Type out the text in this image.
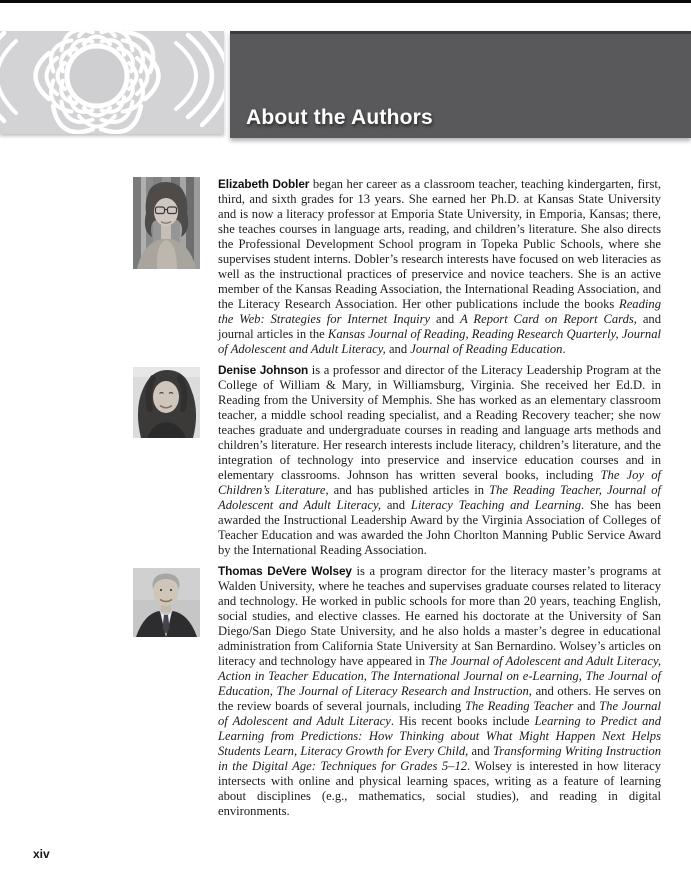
About the Authors

Elizabeth Dobler began her career as a classroom teacher, teaching kindergarten, first, third, and sixth grades for 13 years. She earned her Ph.D. at Kansas State University and is now a literacy professor at Emporia State University, in Emporia, Kansas; there, she teaches courses in language arts, reading, and children’s literature. She also directs the Professional Development School program in Topeka Public Schools, where she supervises student interns. Dobler’s research interests have focused on web literacies as well as the instructional practices of preservice and novice teachers. She is an active member of the Kansas Reading Association, the International Reading Association, and the Literacy Research Association. Her other publications include the books Reading the Web: Strategies for Internet Inquiry and A Report Card on Report Cards, and journal articles in the Kansas Journal of Reading, Reading Research Quarterly, Journal of Adolescent and Adult Literacy, and Journal of Reading Education.

Denise Johnson is a professor and director of the Literacy Leadership Program at the College of William & Mary, in Williamsburg, Virginia. She received her Ed.D. in Reading from the University of Memphis. She has worked as an elementary classroom teacher, a middle school reading specialist, and a Reading Recovery teacher; she now teaches graduate and undergraduate courses in reading and language arts methods and children’s literature. Her research interests include literacy, children’s literature, and the integration of technology into preservice and inservice education courses and in elementary classrooms. Johnson has written several books, including The Joy of Children’s Literature, and has published articles in The Reading Teacher, Journal of Adolescent and Adult Literacy, and Literacy Teaching and Learning. She has been awarded the Instructional Leadership Award by the Virginia Association of Colleges of Teacher Education and was awarded the John Chorlton Manning Public Service Award by the International Reading Association.

Thomas DeVere Wolsey is a program director for the literacy master’s programs at Walden University, where he teaches and supervises graduate courses related to literacy and technology. He worked in public schools for more than 20 years, teaching English, social studies, and elective classes. He earned his doctorate at the University of San Diego/San Diego State University, and he also holds a master’s degree in educational administration from California State University at San Bernardino. Wolsey’s articles on literacy and technology have appeared in The Journal of Adolescent and Adult Literacy, Action in Teacher Education, The International Journal on e-Learning, The Journal of Education, The Journal of Literacy Research and Instruction, and others. He serves on the review boards of several journals, including The Reading Teacher and The Journal of Adolescent and Adult Literacy. His recent books include Learning to Predict and Learning from Predictions: How Thinking about What Might Happen Next Helps Students Learn, Literacy Growth for Every Child, and Transforming Writing Instruction in the Digital Age: Techniques for Grades 5–12. Wolsey is interested in how literacy intersects with online and physical learning spaces, writing as a feature of learning about disciplines (e.g., mathematics, social studies), and reading in digital environments.

xiv
